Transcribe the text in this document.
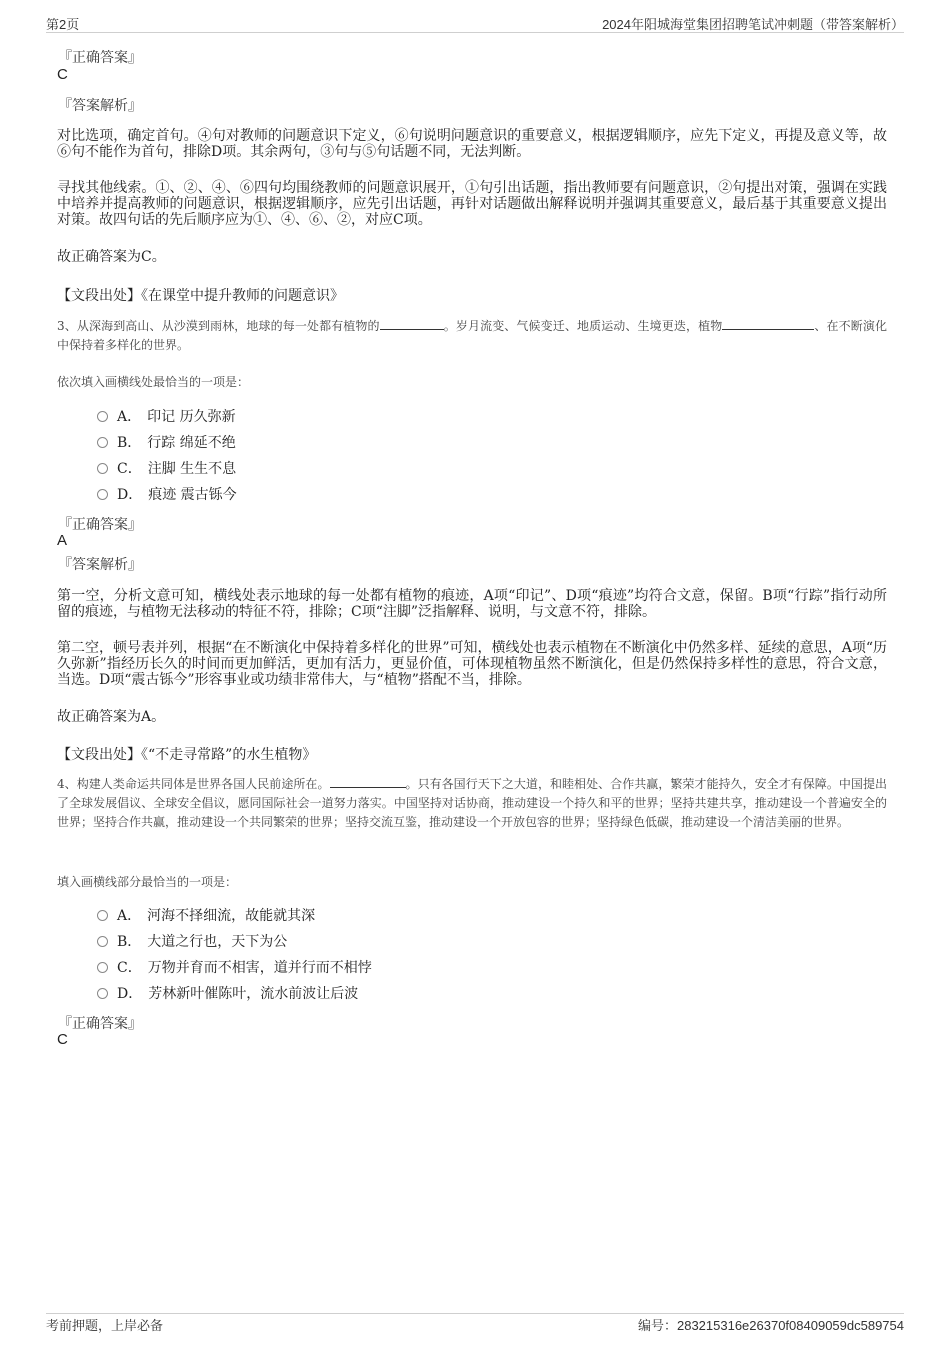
第2页	2024年阳城海堂集团招聘笔试冲刺题（带答案解析）
『正确答案』
C
『答案解析』

对比选项，确定首句。④句对教师的问题意识下定义，⑥句说明问题意识的重要意义，根据逻辑顺序，应先下定义，再提及意义等，故⑥句不能作为首句，排除D项。其余两句，③句与⑤句话题不同，无法判断。

寻找其他线索。①、②、④、⑥四句均围绕教师的问题意识展开，①句引出话题，指出教师要有问题意识，②句提出对策，强调在实践中培养并提高教师的问题意识，根据逻辑顺序，应先引出话题，再针对话题做出解释说明并强调其重要意义，最后基于其重要意义提出对策。故四句话的先后顺序应为①、④、⑥、②，对应C项。

故正确答案为C。

【文段出处】《在课堂中提升教师的问题意识》

3、从深海到高山、从沙漠到雨林，地球的每一处都有植物的	。岁月流变、气候变迁、地质运动、生境更迭，植物	、在不断演化中保持着多样化的世界。

依次填入画横线处最恰当的一项是：

A． 印记 历久弥新
B． 行踪 绵延不绝
C． 注脚 生生不息
D． 痕迹 震古铄今
『正确答案』
A
『答案解析』

第一空，分析文意可知，横线处表示地球的每一处都有植物的痕迹，A项“印记”、D项“痕迹”均符合文意，保留。B项“行踪”指行动所留的痕迹，与植物无法移动的特征不符，排除；C项“注脚”泛指解释、说明，与文意不符，排除。

第二空，顿号表并列，根据“在不断演化中保持着多样化的世界”可知，横线处也表示植物在不断演化中仍然多样、延续的意思，A项“历久弥新”指经历长久的时间而更加鲜活，更加有活力，更显价值，可体现植物虽然不断演化，但是仍然保持多样性的意思，符合文意，当选。D项“震古铄今”形容事业或功绩非常伟大，与“植物”搭配不当，排除。

故正确答案为A。

【文段出处】《“不走寻常路”的水生植物》

4、构建人类命运共同体是世界各国人民前途所在。	。只有各国行天下之大道，和睦相处、合作共赢，繁荣才能持久，安全才有保障。中国提出了全球发展倡议、全球安全倡议，愿同国际社会一道努力落实。中国坚持对话协商，推动建设一个持久和平的世界；坚持共建共享，推动建设一个普遍安全的世界；坚持合作共赢，推动建设一个共同繁荣的世界；坚持交流互鉴，推动建设一个开放包容的世界；坚持绿色低碳，推动建设一个清洁美丽的世界。

填入画横线部分最恰当的一项是：

A． 河海不择细流，故能就其深
B． 大道之行也，天下为公
C． 万物并育而不相害，道并行而不相悖
D． 芳林新叶催陈叶，流水前波让后波
『正确答案』
C
考前押题，上岸必备	编号：283215316e26370f08409059dc589754
